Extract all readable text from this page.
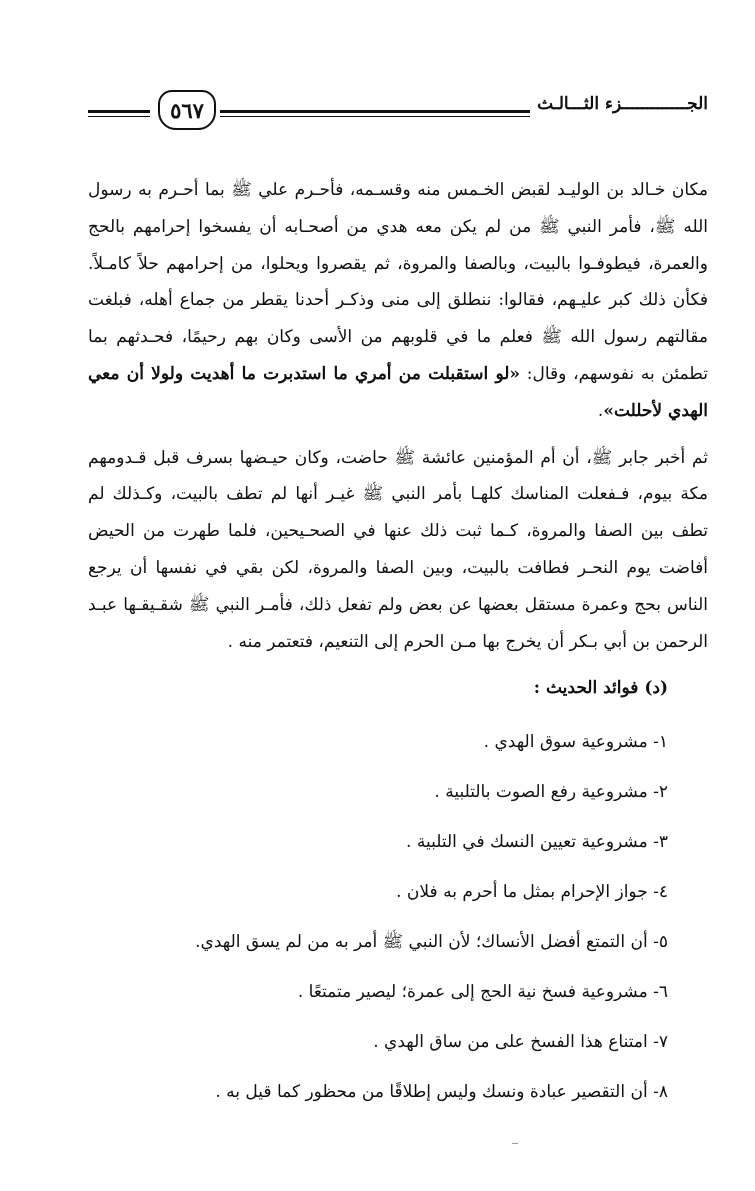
٥٦٧	الجـــــــــــــزء الثـــالـث

مكان خـالد بن الوليـد لقبض الخـمس منه وقسـمه، فأحـرم علي ﷺ بما أحـرم به رسول الله ﷺ، فأمر النبي ﷺ من لم يكن معه هدي من أصحـابه أن يفسخوا إحرامهم بالحج والعمرة، فيطوفـوا بالبيت، وبالصفا والمروة، ثم يقصروا ويحلوا، من إحرامهم حلاً كامـلاً. فكأن ذلك كبر عليـهم، فقالوا: ننطلق إلى منى وذكـر أحدنا يقطر من جماع أهله، فبلغت مقالتهم رسول الله ﷺ فعلم ما في قلوبهم من الأسى وكان بهم رحيمًا، فحـدثهم بما تطمئن به نفوسهم، وقال: «لو استقبلت من أمري ما استدبرت ما أهديت ولولا أن معي الهدي لأحللت».

ثم أخبر جابر ﷺ، أن أم المؤمنين عائشة ﷺ حاضت، وكان حيـضها بسرف قبل قـدومهم مكة بيوم، فـفعلت المناسك كلهـا بأمر النبي ﷺ غيـر أنها لم تطف بالبيت، وكـذلك لم تطف بين الصفا والمروة، كـما ثبت ذلك عنها في الصحـيحين، فلما طهرت من الحيض أفاضت يوم النحـر فطافت بالبيت، وبين الصفا والمروة، لكن بقي في نفسها أن يرجع الناس بحج وعمرة مستقل بعضها عن بعض ولم تفعل ذلك، فأمـر النبي ﷺ شقـيقـها عبـد الرحمن بن أبي بـكر أن يخرج بها مـن الحرم إلى التنعيم، فتعتمر منه .

(د) فوائد الحديث :
١- مشروعية سوق الهدي .
٢- مشروعية رفع الصوت بالتلبية .
٣- مشروعية تعيين النسك في التلبية .
٤- جواز الإحرام بمثل ما أحرم به فلان .
٥- أن التمتع أفضل الأنساك؛ لأن النبي ﷺ أمر به من لم يسق الهدي.
٦- مشروعية فسخ نية الحج إلى عمرة؛ ليصير متمتعًا .
٧- امتناع هذا الفسخ على من ساق الهدي .
٨- أن التقصير عبادة ونسك وليس إطلاقًا من محظور كما قيل به .
